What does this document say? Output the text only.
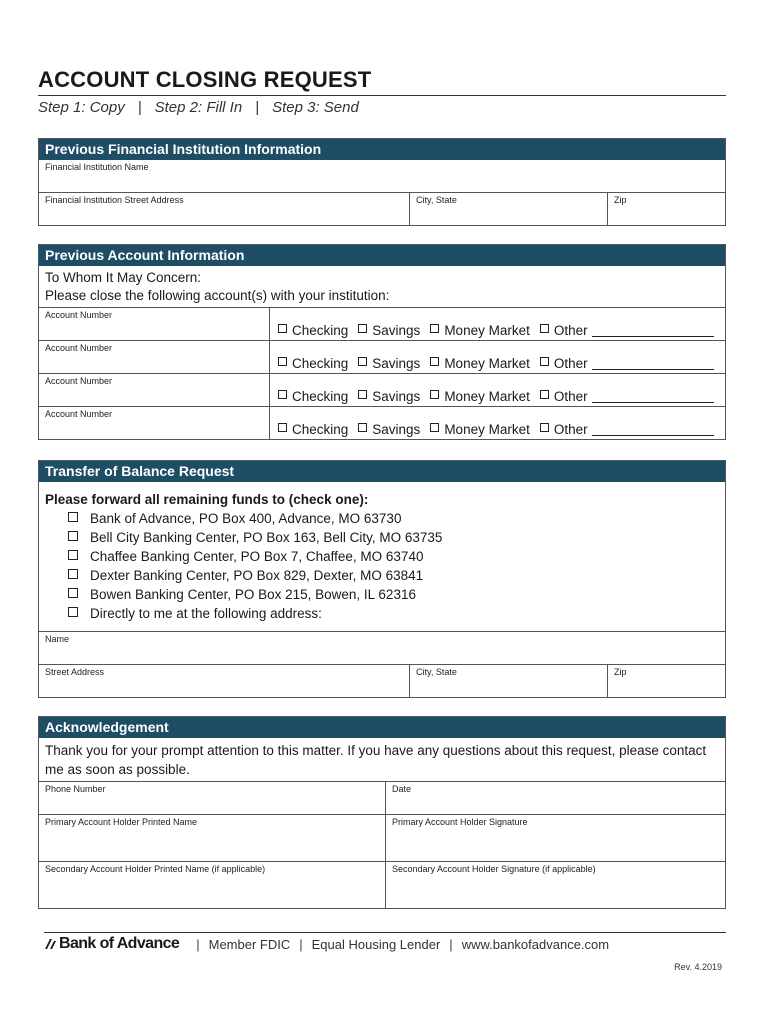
ACCOUNT CLOSING REQUEST
Step 1: Copy | Step 2: Fill In | Step 3: Send
Previous Financial Institution Information
Financial Institution Name
Financial Institution Street Address	City, State	Zip
Previous Account Information
To Whom It May Concern:
Please close the following account(s) with your institution:
Account Number
Checking	Savings	Money Market	Other
Account Number
Checking	Savings	Money Market	Other
Account Number
Checking	Savings	Money Market	Other
Account Number
Checking	Savings	Money Market	Other
Transfer of Balance Request
Please forward all remaining funds to (check one):
Bank of Advance, PO Box 400, Advance, MO 63730
Bell City Banking Center, PO Box 163, Bell City, MO 63735
Chaffee Banking Center, PO Box 7, Chaffee, MO 63740
Dexter Banking Center, PO Box 829, Dexter, MO 63841
Bowen Banking Center, PO Box 215, Bowen, IL 62316
Directly to me at the following address:
Name
Street Address	City, State	Zip
Acknowledgement
Thank you for your prompt attention to this matter. If you have any questions about this request, please contact me as soon as possible.
Phone Number	Date
Primary Account Holder Printed Name	Primary Account Holder Signature
Secondary Account Holder Printed Name (if applicable)	Secondary Account Holder Signature (if applicable)
Bank of Advance | Member FDIC | Equal Housing Lender | www.bankofadvance.com
Rev. 4.2019
